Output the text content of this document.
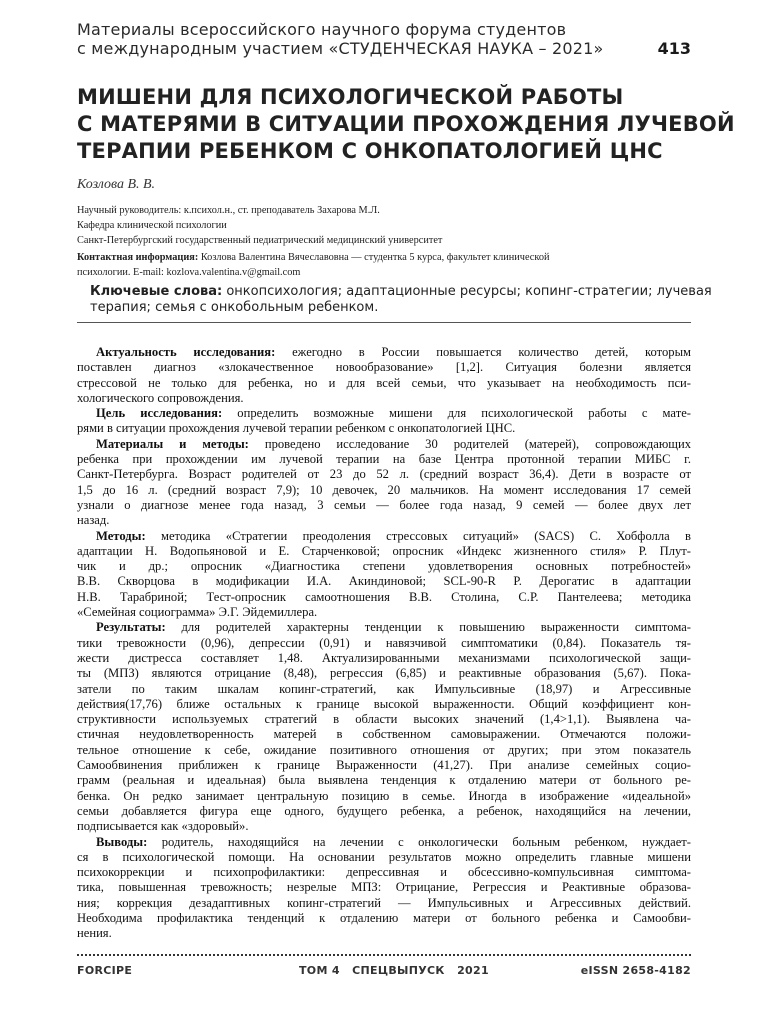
Материалы всероссийского научного форума студентов
с международным участием «СТУДЕНЧЕСКАЯ НАУКА – 2021»	413
МИШЕНИ ДЛЯ ПСИХОЛОГИЧЕСКОЙ РАБОТЫ
С МАТЕРЯМИ В СИТУАЦИИ ПРОХОЖДЕНИЯ ЛУЧЕВОЙ
ТЕРАПИИ РЕБЕНКОМ С ОНКОПАТОЛОГИЕЙ ЦНС
Козлова В. В.
Научный руководитель: к.психол.н., ст. преподаватель Захарова М.Л.
Кафедра клинической психологии
Санкт-Петербургский государственный педиатрический медицинский университет
Контактная информация: Козлова Валентина Вячеславовна — студентка 5 курса, факультет клинической
психологии. E-mail: kozlova.valentina.v@gmail.com
Ключевые слова: онкопсихология; адаптационные ресурсы; копинг-стратегии; лучевая
терапия; семья с онкобольным ребенком.
Актуальность исследования: ежегодно в России повышается количество детей, которым
поставлен диагноз «злокачественное новообразование» [1,2]. Ситуация болезни является
стрессовой не только для ребенка, но и для всей семьи, что указывает на необходимость пси-
хологического сопровождения.
Цель исследования: определить возможные мишени для психологической работы с мате-
рями в ситуации прохождения лучевой терапии ребенком с онкопатологией ЦНС.
Материалы и методы: проведено исследование 30 родителей (матерей), сопровождающих
ребенка при прохождении им лучевой терапии на базе Центра протонной терапии МИБС г.
Санкт-Петербурга. Возраст родителей от 23 до 52 л. (средний возраст 36,4). Дети в возрасте от
1,5 до 16 л. (средний возраст 7,9); 10 девочек, 20 мальчиков. На момент исследования 17 семей
узнали о диагнозе менее года назад, 3 семьи — более года назад, 9 семей — более двух лет
назад.
Методы: методика «Стратегии преодоления стрессовых ситуаций» (SACS) С. Хобфолла в
адаптации Н. Водопьяновой и Е. Старченковой; опросник «Индекс жизненного стиля» Р. Плут-
чик и др.; опросник «Диагностика степени удовлетворения основных потребностей»
В.В. Скворцова в модификации И.А. Акиндиновой; SCL-90-R Р. Дерогатис в адаптации
Н.В. Тарабриной; Тест-опросник самоотношения В.В. Столина, С.Р. Пантелеева; методика
«Семейная социограмма» Э.Г. Эйдемиллера.
Результаты: для родителей характерны тенденции к повышению выраженности симптома-
тики тревожности (0,96), депрессии (0,91) и навязчивой симптоматики (0,84). Показатель тя-
жести дистресса составляет 1,48. Актуализированными механизмами психологической защи-
ты (МПЗ) являются отрицание (8,48), регрессия (6,85) и реактивные образования (5,67). Пока-
затели по таким шкалам копинг-стратегий, как Импульсивные (18,97) и Агрессивные
действия(17,76) ближе остальных к границе высокой выраженности. Общий коэффициент кон-
структивности используемых стратегий в области высоких значений (1,4>1,1). Выявлена ча-
стичная неудовлетворенность матерей в собственном самовыражении. Отмечаются положи-
тельное отношение к себе, ожидание позитивного отношения от других; при этом показатель
Самообвинения приближен к границе Выраженности (41,27). При анализе семейных социо-
грамм (реальная и идеальная) была выявлена тенденция к отдалению матери от больного ре-
бенка. Он редко занимает центральную позицию в семье. Иногда в изображение «идеальной»
семьи добавляется фигура еще одного, будущего ребенка, а ребенок, находящийся на лечении,
подписывается как «здоровый».
Выводы: родитель, находящийся на лечении с онкологически больным ребенком, нуждает-
ся в психологической помощи. На основании результатов можно определить главные мишени
психокоррекции и психопрофилактики: депрессивная и обсессивно-компульсивная симптома-
тика, повышенная тревожность; незрелые МПЗ: Отрицание, Регрессия и Реактивные образова-
ния; коррекция дезадаптивных копинг-стратегий — Импульсивных и Агрессивных действий.
Необходима профилактика тенденций к отдалению матери от больного ребенка и Самообви-
нения.
FORCIPE	ТОМ 4   СПЕЦВЫПУСК   2021	eISSN 2658-4182
